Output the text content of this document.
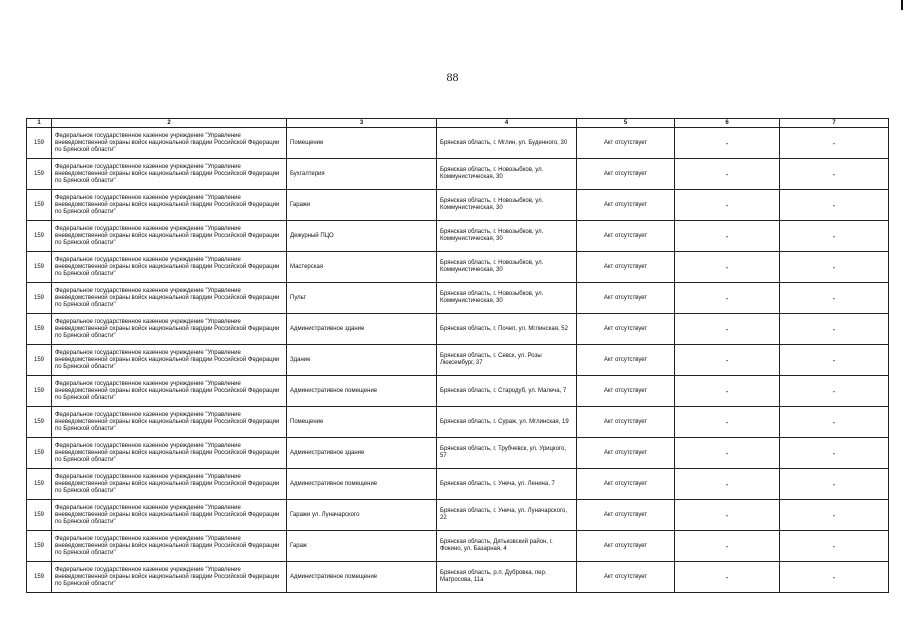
88
1	2	3	4	5	6	7
159	Федеральное государственное казенное учреждение "Управление вневедомственной охраны войск национальной гвардии Российской Федерации по Брянской области"	Помещение	Брянская область, г. Мглин, ул. Буденного, 30	Акт отсутствует	-	-
159	Федеральное государственное казенное учреждение "Управление вневедомственной охраны войск национальной гвардии Российской Федерации по Брянской области"	Бухгалтерия	Брянская область, г. Новозыбков, ул. Коммунистическая, 30	Акт отсутствует	-	-
159	Федеральное государственное казенное учреждение "Управление вневедомственной охраны войск национальной гвардии Российской Федерации по Брянской области"	Гаражи	Брянская область, г. Новозыбков, ул. Коммунистическая, 30	Акт отсутствует	-	-
159	Федеральное государственное казенное учреждение "Управление вневедомственной охраны войск национальной гвардии Российской Федерации по Брянской области"	Дежурный ПЦО	Брянская область, г. Новозыбков, ул. Коммунистическая, 30	Акт отсутствует	-	-
159	Федеральное государственное казенное учреждение "Управление вневедомственной охраны войск национальной гвардии Российской Федерации по Брянской области"	Мастерская	Брянская область, г. Новозыбков, ул. Коммунистическая, 30	Акт отсутствует	-	-
159	Федеральное государственное казенное учреждение "Управление вневедомственной охраны войск национальной гвардии Российской Федерации по Брянской области"	Пульт	Брянская область, г. Новозыбков, ул. Коммунистическая, 30	Акт отсутствует	-	-
159	Федеральное государственное казенное учреждение "Управление вневедомственной охраны войск национальной гвардии Российской Федерации по Брянской области"	Административное здание	Брянская область, г. Почеп, ул. Мглинская, 52	Акт отсутствует	-	-
159	Федеральное государственное казенное учреждение "Управление вневедомственной охраны войск национальной гвардии Российской Федерации по Брянской области"	Здание	Брянская область, г. Севск, ул. Розы Люксембург, 37	Акт отсутствует	-	-
159	Федеральное государственное казенное учреждение "Управление вневедомственной охраны войск национальной гвардии Российской Федерации по Брянской области"	Административное помещение	Брянская область, г. Стародуб, ул. Малеча, 7	Акт отсутствует	-	-
159	Федеральное государственное казенное учреждение "Управление вневедомственной охраны войск национальной гвардии Российской Федерации по Брянской области"	Помещение	Брянская область, г. Сураж, ул. Мглинская, 19	Акт отсутствует	-	-
159	Федеральное государственное казенное учреждение "Управление вневедомственной охраны войск национальной гвардии Российской Федерации по Брянской области"	Административное здание	Брянская область, г. Трубчевск, ул. Урицкого, 57	Акт отсутствует	-	-
159	Федеральное государственное казенное учреждение "Управление вневедомственной охраны войск национальной гвардии Российской Федерации по Брянской области"	Административное помещение	Брянская область, г. Унеча, ул. Ленина, 7	Акт отсутствует	-	-
159	Федеральное государственное казенное учреждение "Управление вневедомственной охраны войск национальной гвардии Российской Федерации по Брянской области"	Гаражи ул. Луначарского	Брянская область, г. Унеча, ул. Луначарского, 22	Акт отсутствует	-	-
159	Федеральное государственное казенное учреждение "Управление вневедомственной охраны войск национальной гвардии Российской Федерации по Брянской области"	Гараж	Брянская область, Дятьковский район, г. Фокино, ул. Базарная, 4	Акт отсутствует	-	-
159	Федеральное государственное казенное учреждение "Управление вневедомственной охраны войск национальной гвардии Российской Федерации по Брянской области"	Административное помещение	Брянская область, р.п. Дубровка, пер. Матросова, 11а	Акт отсутствует	-	-
